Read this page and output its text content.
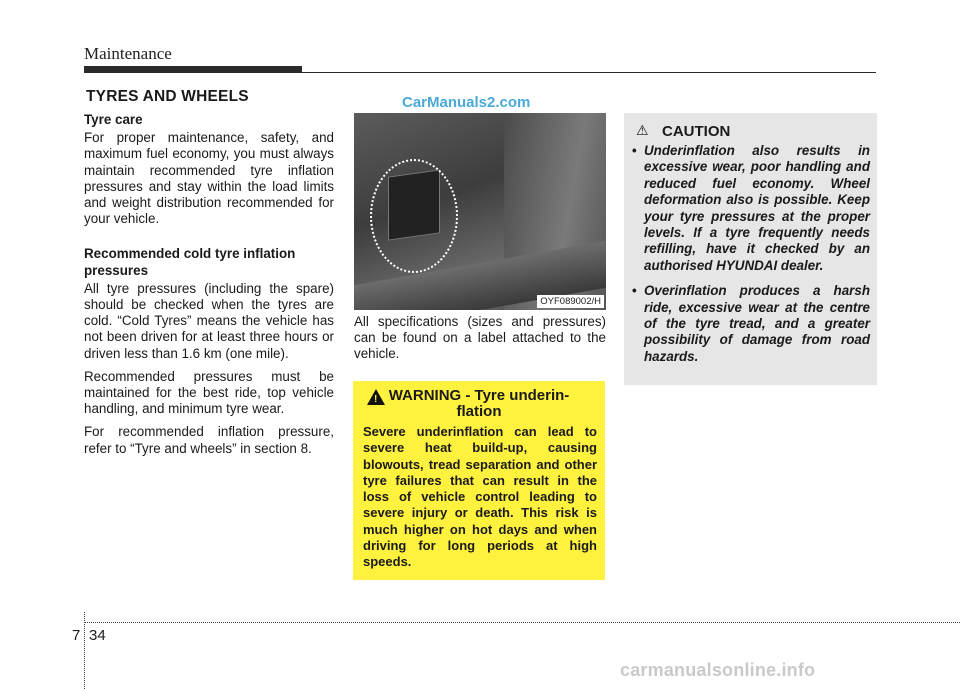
Maintenance
TYRES AND WHEELS	CarManuals2.com
Tyre care

For proper maintenance, safety, and maximum fuel economy, you must always maintain recommended tyre inflation pressures and stay within the load limits and weight distribution recommended for your vehicle.

Recommended cold tyre inflation pressures

All tyre pressures (including the spare) should be checked when the tyres are cold. “Cold Tyres” means the vehicle has not been driven for at least three hours or driven less than 1.6 km (one mile).

Recommended pressures must be maintained for the best ride, top vehicle handling, and minimum tyre wear.

For recommended inflation pressure, refer to “Tyre and wheels” in section 8.

OYF089002/H
All specifications (sizes and pressures) can be found on a label attached to the vehicle.
! WARNING - Tyre underin-
flation
Severe underinflation can lead to severe heat build-up, causing blowouts, tread separation and other tyre failures that can result in the loss of vehicle control leading to severe injury or death. This risk is much higher on hot days and when driving for long periods at high speeds.
⚠ CAUTION
• Underinflation also results in excessive wear, poor handling and reduced fuel economy. Wheel deformation also is possible. Keep your tyre pressures at the proper levels. If a tyre frequently needs refilling, have it checked by an authorised HYUNDAI dealer.
• Overinflation produces a harsh ride, excessive wear at the centre of the tyre tread, and a greater possibility of damage from road hazards.
7 34
carmanualsonline.info
